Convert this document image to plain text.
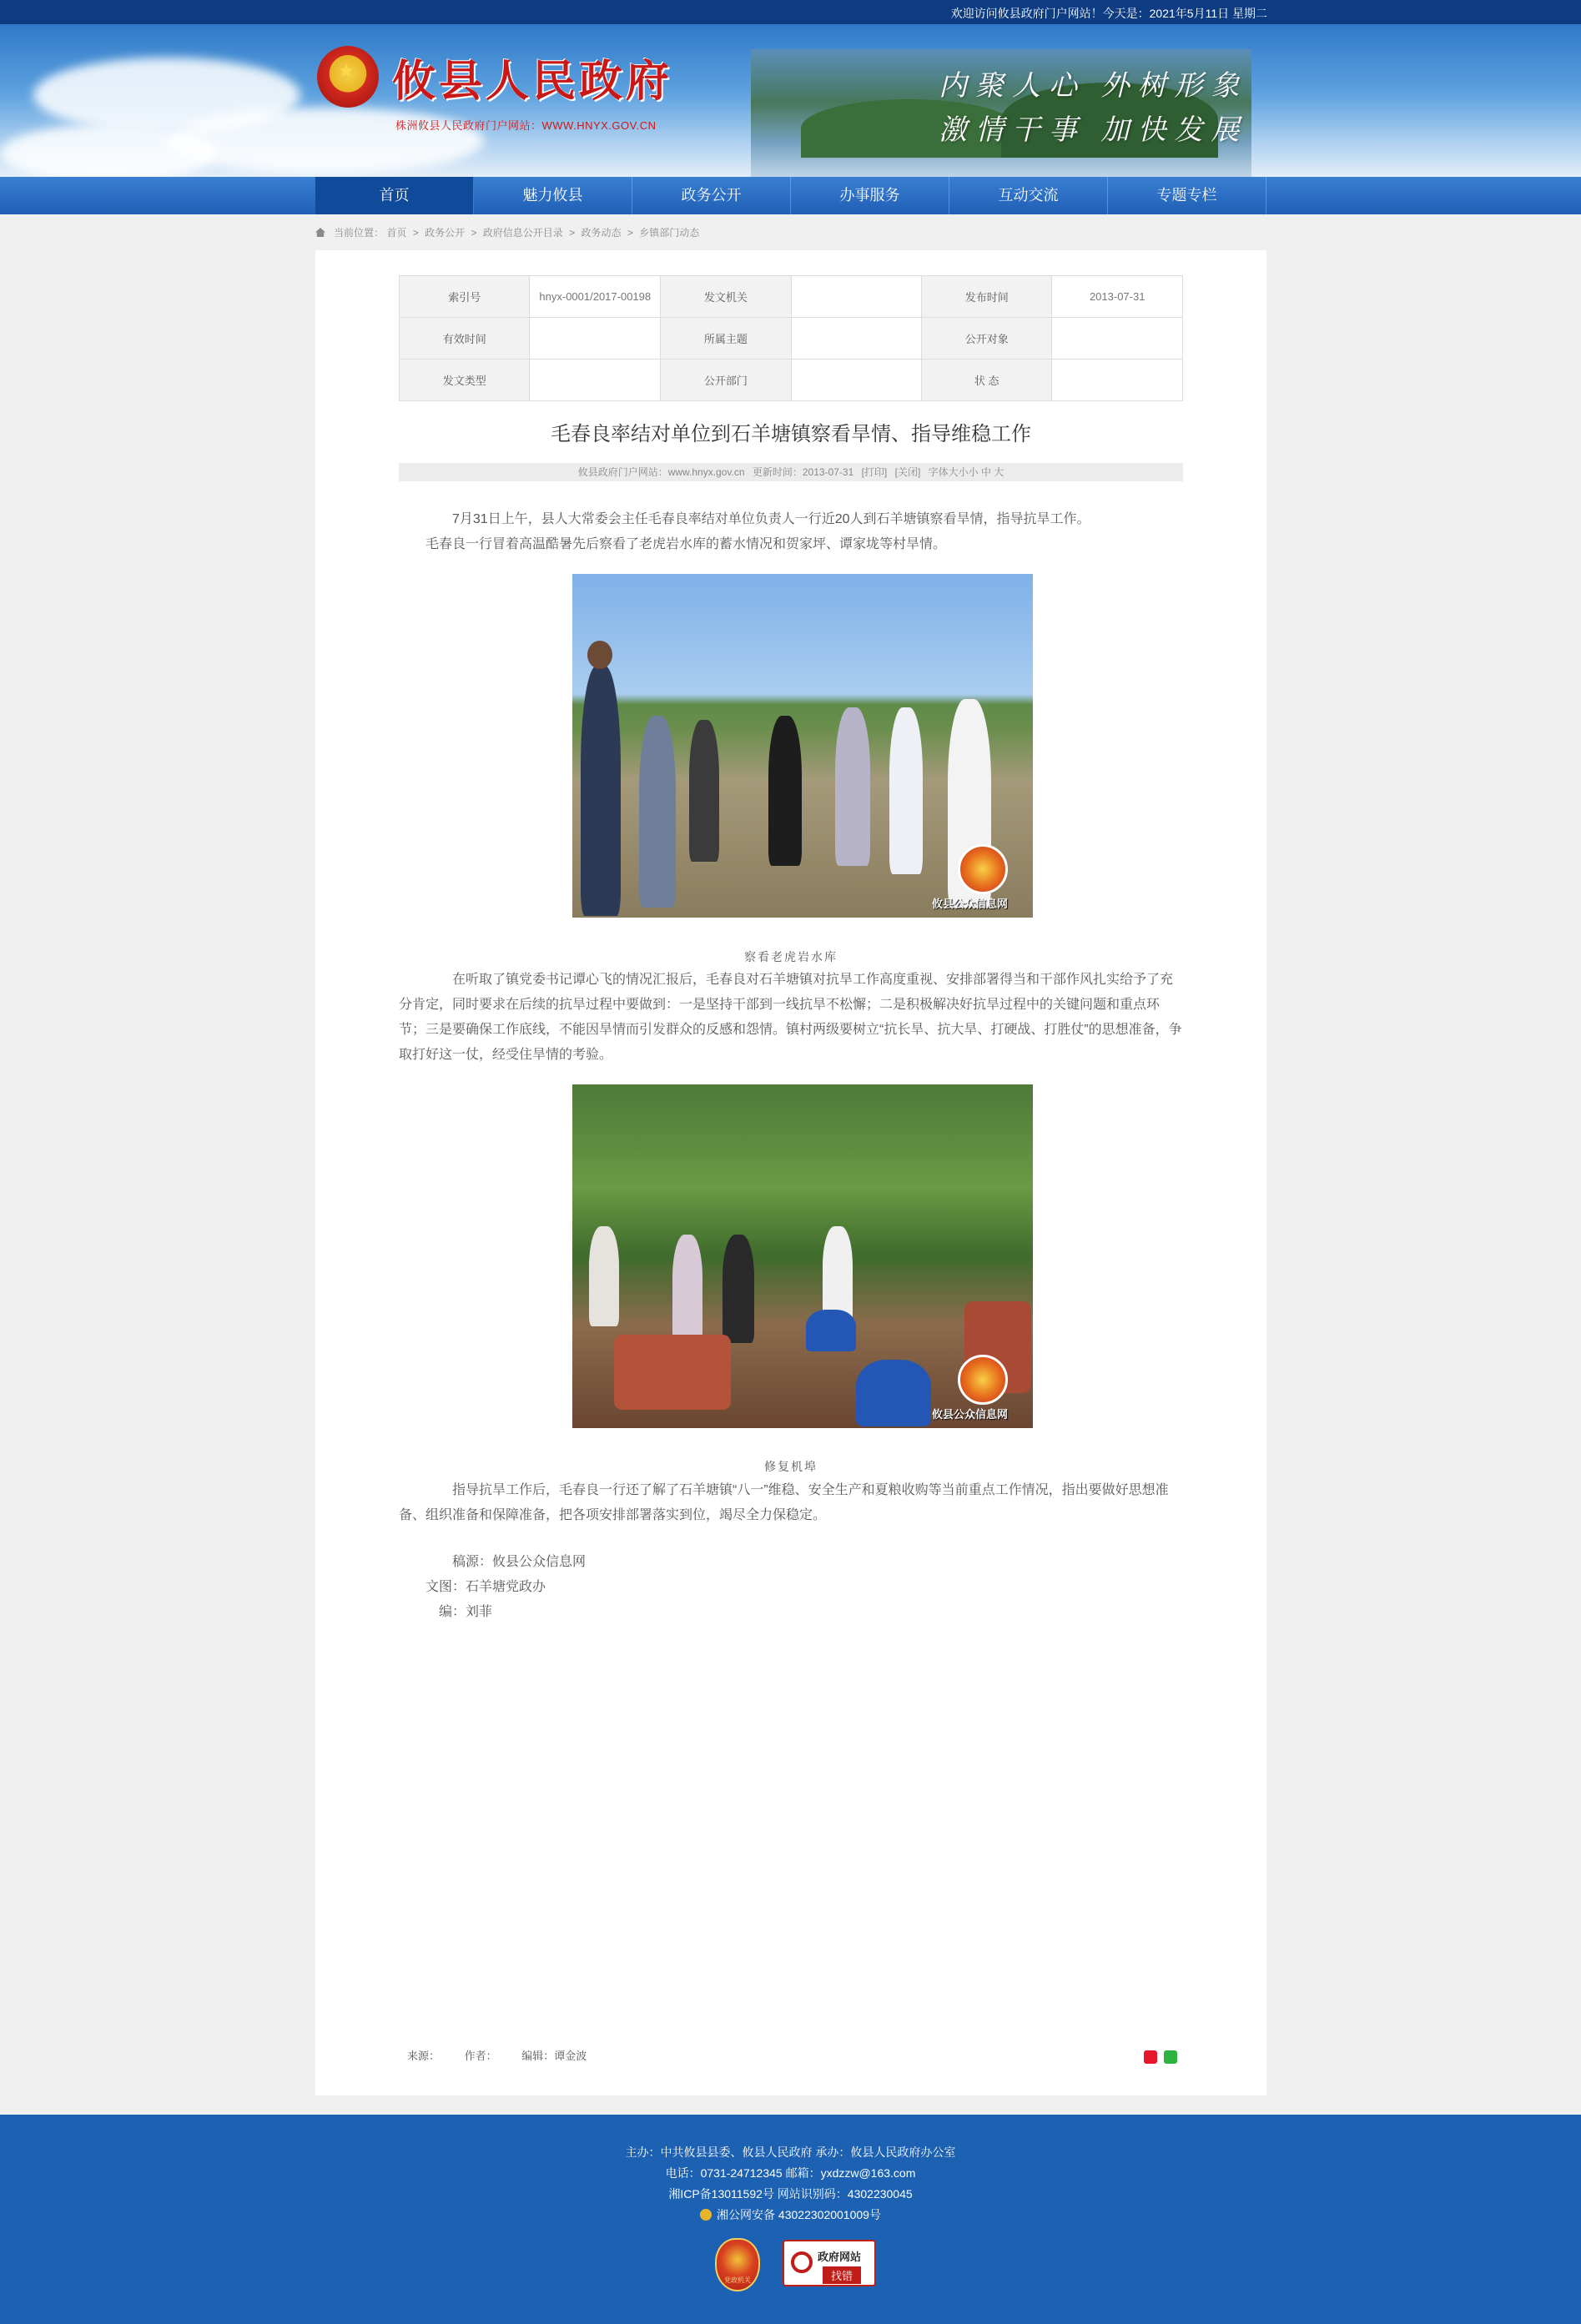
欢迎访问攸县政府门户网站！今天是：2021年5月11日 星期二
★ 攸县人民政府
株洲攸县人民政府门户网站：WWW.HNYX.GOV.CN
内聚人心 外树形象
激情干事 加快发展
首页	魅力攸县	政务公开	办事服务	互动交流	专题专栏
当前位置： 首页 > 政务公开 > 政府信息公开目录 > 政务动态 > 乡镇部门动态
索引号	hnyx-0001/2017-00198	发文机关		发布时间	2013-07-31
有效时间		所属主题		公开对象	
发文类型		公开部门		状 态	
毛春良率结对单位到石羊塘镇察看旱情、指导维稳工作
攸县政府门户网站：www.hnyx.gov.cn 更新时间：2013-07-31 [打印] [关闭] 字体大小小 中 大
7月31日上午，县人大常委会主任毛春良率结对单位负责人一行近20人到石羊塘镇察看旱情，指导抗旱工作。
毛春良一行冒着高温酷暑先后察看了老虎岩水库的蓄水情况和贺家坪、谭家垅等村旱情。
攸县公众信息网
察看老虎岩水库
在听取了镇党委书记谭心飞的情况汇报后，毛春良对石羊塘镇对抗旱工作高度重视、安排部署得当和干部作风扎实给予了充分肯定，同时要求在后续的抗旱过程中要做到：一是坚持干部到一线抗旱不松懈；二是积极解决好抗旱过程中的关键问题和重点环节；三是要确保工作底线，不能因旱情而引发群众的反感和怨情。镇村两级要树立“抗长旱、抗大旱、打硬战、打胜仗”的思想准备，争取打好这一仗，经受住旱情的考验。
攸县公众信息网
修复机埠
指导抗旱工作后，毛春良一行还了解了石羊塘镇“八一”维稳、安全生产和夏粮收购等当前重点工作情况，指出要做好思想准备、组织准备和保障准备，把各项安排部署落实到位，竭尽全力保稳定。
稿源：攸县公众信息网
文图：石羊塘党政办
编：刘菲
来源： 作者： 编辑：谭金波
主办：中共攸县县委、攸县人民政府 承办：攸县人民政府办公室
电话：0731-24712345 邮箱：yxdzzw@163.com
湘ICP备13011592号 网站识别码：4302230045
湘公网安备 43022302001009号
党政机关
政府网站
找错
